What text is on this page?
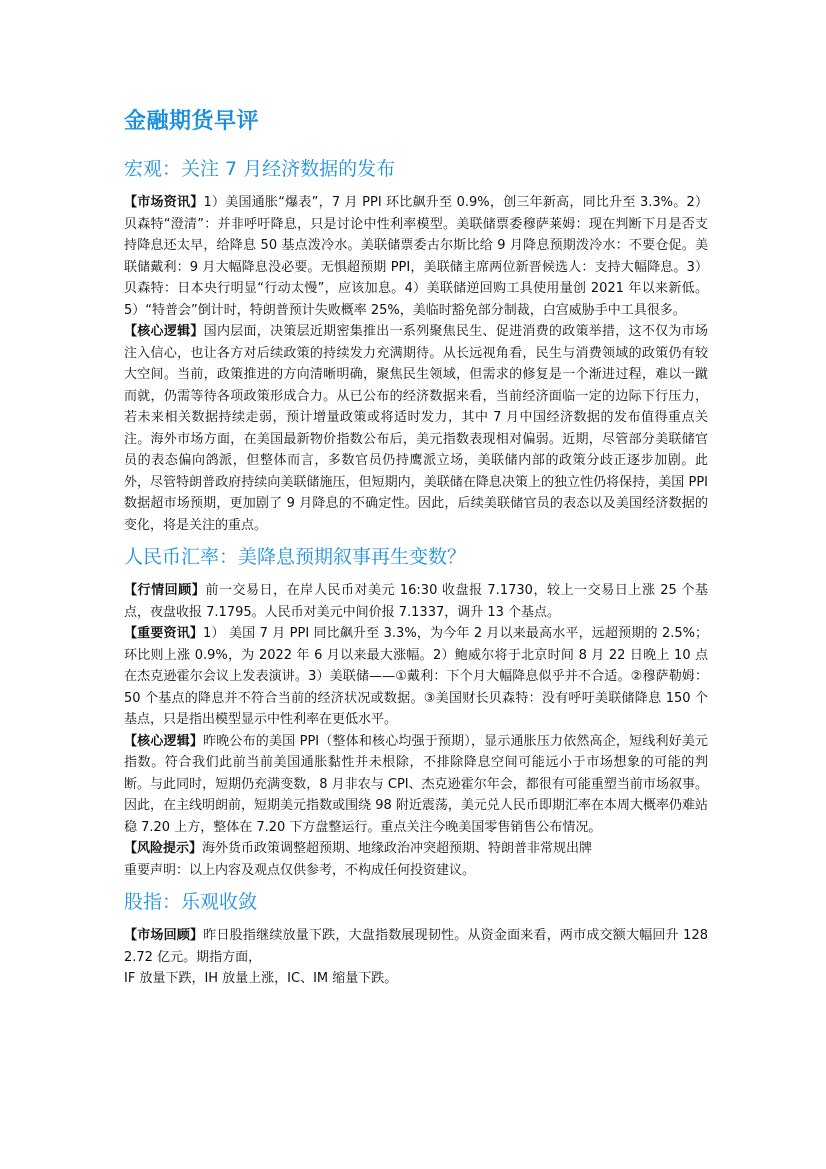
金融期货早评
宏观：关注 7 月经济数据的发布

【市场资讯】1）美国通胀“爆表”，7 月 PPI 环比飙升至 0.9%，创三年新高，同比升至 3.3%。2）贝森特“澄清”：并非呼吁降息，只是讨论中性利率模型。美联储票委穆萨莱姆：现在判断下月是否支持降息还太早，给降息 50 基点泼冷水。美联储票委古尔斯比给 9 月降息预期泼冷水：不要仓促。美联储戴利：9 月大幅降息没必要。无惧超预期 PPI，美联储主席两位新晋候选人：支持大幅降息。3）贝森特：日本央行明显“行动太慢”，应该加息。4）美联储逆回购工具使用量创 2021 年以来新低。5）“特普会”倒计时，特朗普预计失败概率 25%，美临时豁免部分制裁，白宫威胁手中工具很多。

【核心逻辑】国内层面，决策层近期密集推出一系列聚焦民生、促进消费的政策举措，这不仅为市场注入信心，也让各方对后续政策的持续发力充满期待。从长远视角看，民生与消费领域的政策仍有较大空间。当前，政策推进的方向清晰明确，聚焦民生领域，但需求的修复是一个渐进过程，难以一蹴而就，仍需等待各项政策形成合力。从已公布的经济数据来看，当前经济面临一定的边际下行压力，若未来相关数据持续走弱，预计增量政策或将适时发力，其中 7 月中国经济数据的发布值得重点关注。海外市场方面，在美国最新物价指数公布后，美元指数表现相对偏弱。近期，尽管部分美联储官员的表态偏向鸽派，但整体而言，多数官员仍持鹰派立场，美联储内部的政策分歧正逐步加剧。此外，尽管特朗普政府持续向美联储施压，但短期内，美联储在降息决策上的独立性仍将保持，美国 PPI 数据超市场预期，更加剧了 9 月降息的不确定性。因此，后续美联储官员的表态以及美国经济数据的变化，将是关注的重点。

人民币汇率：美降息预期叙事再生变数？

【行情回顾】前一交易日，在岸人民币对美元 16:30 收盘报 7.1730，较上一交易日上涨 25 个基点，夜盘收报 7.1795。人民币对美元中间价报 7.1337，调升 13 个基点。

【重要资讯】1） 美国 7 月 PPI 同比飙升至 3.3%，为今年 2 月以来最高水平，远超预期的 2.5%；环比则上涨 0.9%，为 2022 年 6 月以来最大涨幅。2）鲍威尔将于北京时间 8 月 22 日晚上 10 点在杰克逊霍尔会议上发表演讲。3）美联储——①戴利：下个月大幅降息似乎并不合适。②穆萨勒姆：50 个基点的降息并不符合当前的经济状况或数据。③美国财长贝森特：没有呼吁美联储降息 150 个基点，只是指出模型显示中性利率在更低水平。

【核心逻辑】昨晚公布的美国 PPI（整体和核心均强于预期），显示通胀压力依然高企，短线利好美元指数。符合我们此前当前美国通胀黏性并未根除，不排除降息空间可能远小于市场想象的可能的判断。与此同时，短期仍充满变数，8 月非农与 CPI、杰克逊霍尔年会，都很有可能重塑当前市场叙事。因此，在主线明朗前，短期美元指数或围绕 98 附近震荡，美元兑人民币即期汇率在本周大概率仍难站稳 7.20 上方，整体在 7.20 下方盘整运行。重点关注今晚美国零售销售公布情况。

【风险提示】海外货币政策调整超预期、地缘政治冲突超预期、特朗普非常规出牌

重要声明：以上内容及观点仅供参考，不构成任何投资建议。

股指：乐观收敛

【市场回顾】昨日股指继续放量下跌，大盘指数展现韧性。从资金面来看，两市成交额大幅回升 1282.72 亿元。期指方面，

IF 放量下跌，IH 放量上涨，IC、IM 缩量下跌。
